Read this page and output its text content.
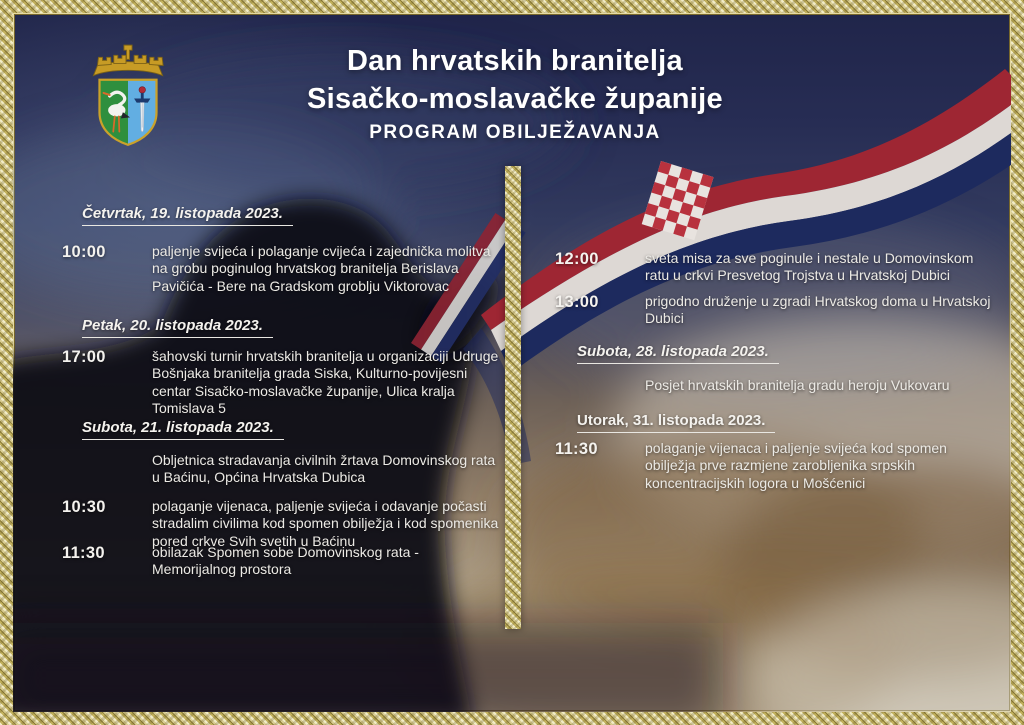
Dan hrvatskih branitelja
Sisačko-moslavačke županije
PROGRAM OBILJEŽAVANJA
Četvrtak, 19. listopada 2023.
10:00	paljenje svijeća i polaganje cvijeća i zajednička molitva na grobu poginulog hrvatskog branitelja Berislava Pavičića - Bere na Gradskom groblju Viktorovac
Petak, 20. listopada 2023.
17:00	šahovski turnir hrvatskih branitelja u organizaciji Udruge Bošnjaka branitelja grada Siska, Kulturno-povijesni centar Sisačko-moslavačke županije, Ulica kralja Tomislava 5
Subota, 21. listopada 2023.
Obljetnica stradavanja civilnih žrtava Domovinskog rata u Baćinu, Općina Hrvatska Dubica
10:30	polaganje vijenaca, paljenje svijeća i odavanje počasti stradalim civilima kod spomen obilježja i kod spomenika pored crkve Svih svetih u Baćinu
11:30	obilazak Spomen sobe Domovinskog rata - Memorijalnog prostora
12:00	sveta misa za sve poginule i nestale u Domovinskom ratu u crkvi Presvetog Trojstva u Hrvatskoj Dubici
13:00	prigodno druženje u zgradi Hrvatskog doma u Hrvatskoj Dubici
Subota, 28. listopada 2023.
Posjet hrvatskih branitelja gradu heroju Vukovaru
Utorak, 31. listopada 2023.
11:30	polaganje vijenaca i paljenje svijeća kod spomen obilježja prve razmjene zarobljenika srpskih koncentracijskih logora u Mošćenici
